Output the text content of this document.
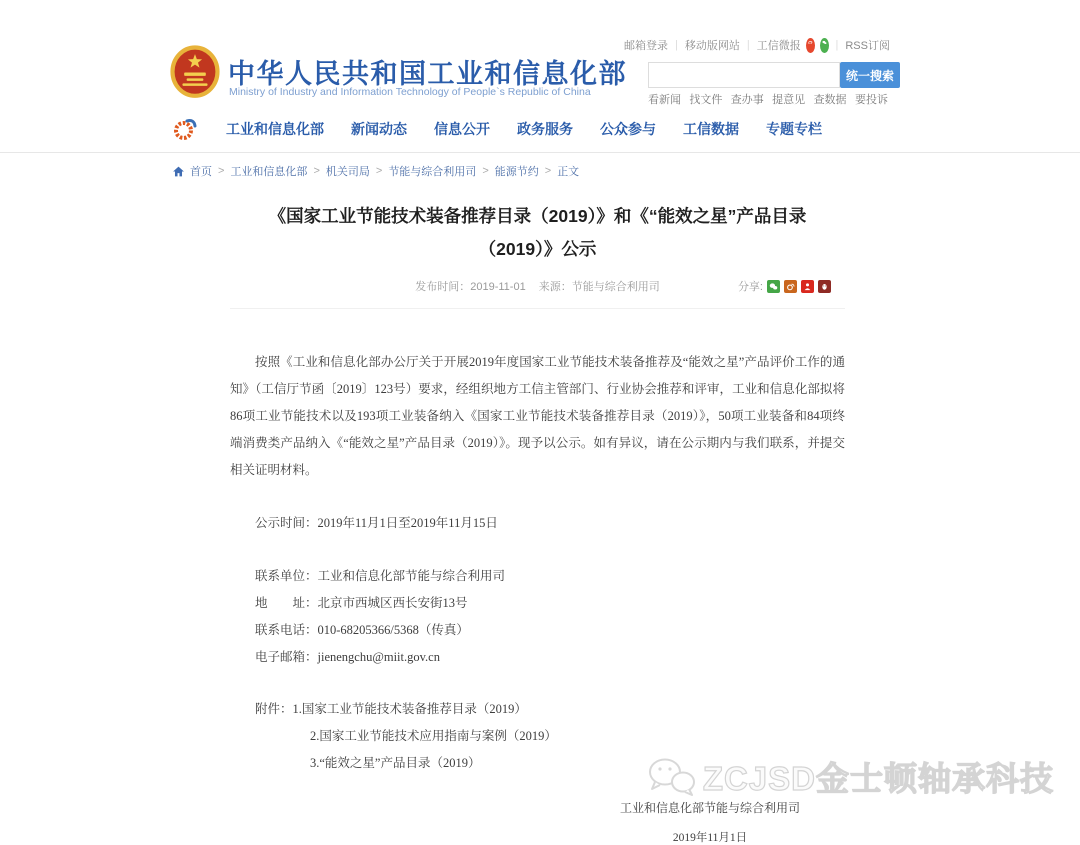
中华人民共和国工业和信息化部
Ministry of Industry and Information Technology of People`s Republic of China
邮箱登录 | 移动版网站 | 工信微报	| RSS订阅
统一搜索
看新闻 找文件 查办事 提意见 查数据 要投诉
工业和信息化部 新闻动态 信息公开 政务服务 公众参与 工信数据 专题专栏
首页 > 工业和信息化部 > 机关司局 > 节能与综合利用司 > 能源节约 > 正文
《国家工业节能技术装备推荐目录（2019）》和《“能效之星”产品目录（2019）》公示
发布时间：2019-11-01 来源：节能与综合利用司	分享:

按照《工业和信息化部办公厅关于开展2019年度国家工业节能技术装备推荐及“能效之星”产品评价工作的通知》（工信厅节函〔2019〕123号）要求，经组织地方工信主管部门、行业协会推荐和评审，工业和信息化部拟将86项工业节能技术以及193项工业装备纳入《国家工业节能技术装备推荐目录（2019）》，50项工业装备和84项终端消费类产品纳入《“能效之星”产品目录（2019）》。现予以公示。如有异议，请在公示期内与我们联系，并提交相关证明材料。

公示时间：2019年11月1日至2019年11月15日

联系单位：工业和信息化部节能与综合利用司

地　　址：北京市西城区西长安街13号

联系电话：010-68205366/5368（传真）

电子邮箱：jienengchu@miit.gov.cn

附件：1.国家工业节能技术装备推荐目录（2019）

2.国家工业节能技术应用指南与案例（2019）

3.“能效之星”产品目录（2019）

工业和信息化部节能与综合利用司
2019年11月1日
ZCJSD金士顿轴承科技
